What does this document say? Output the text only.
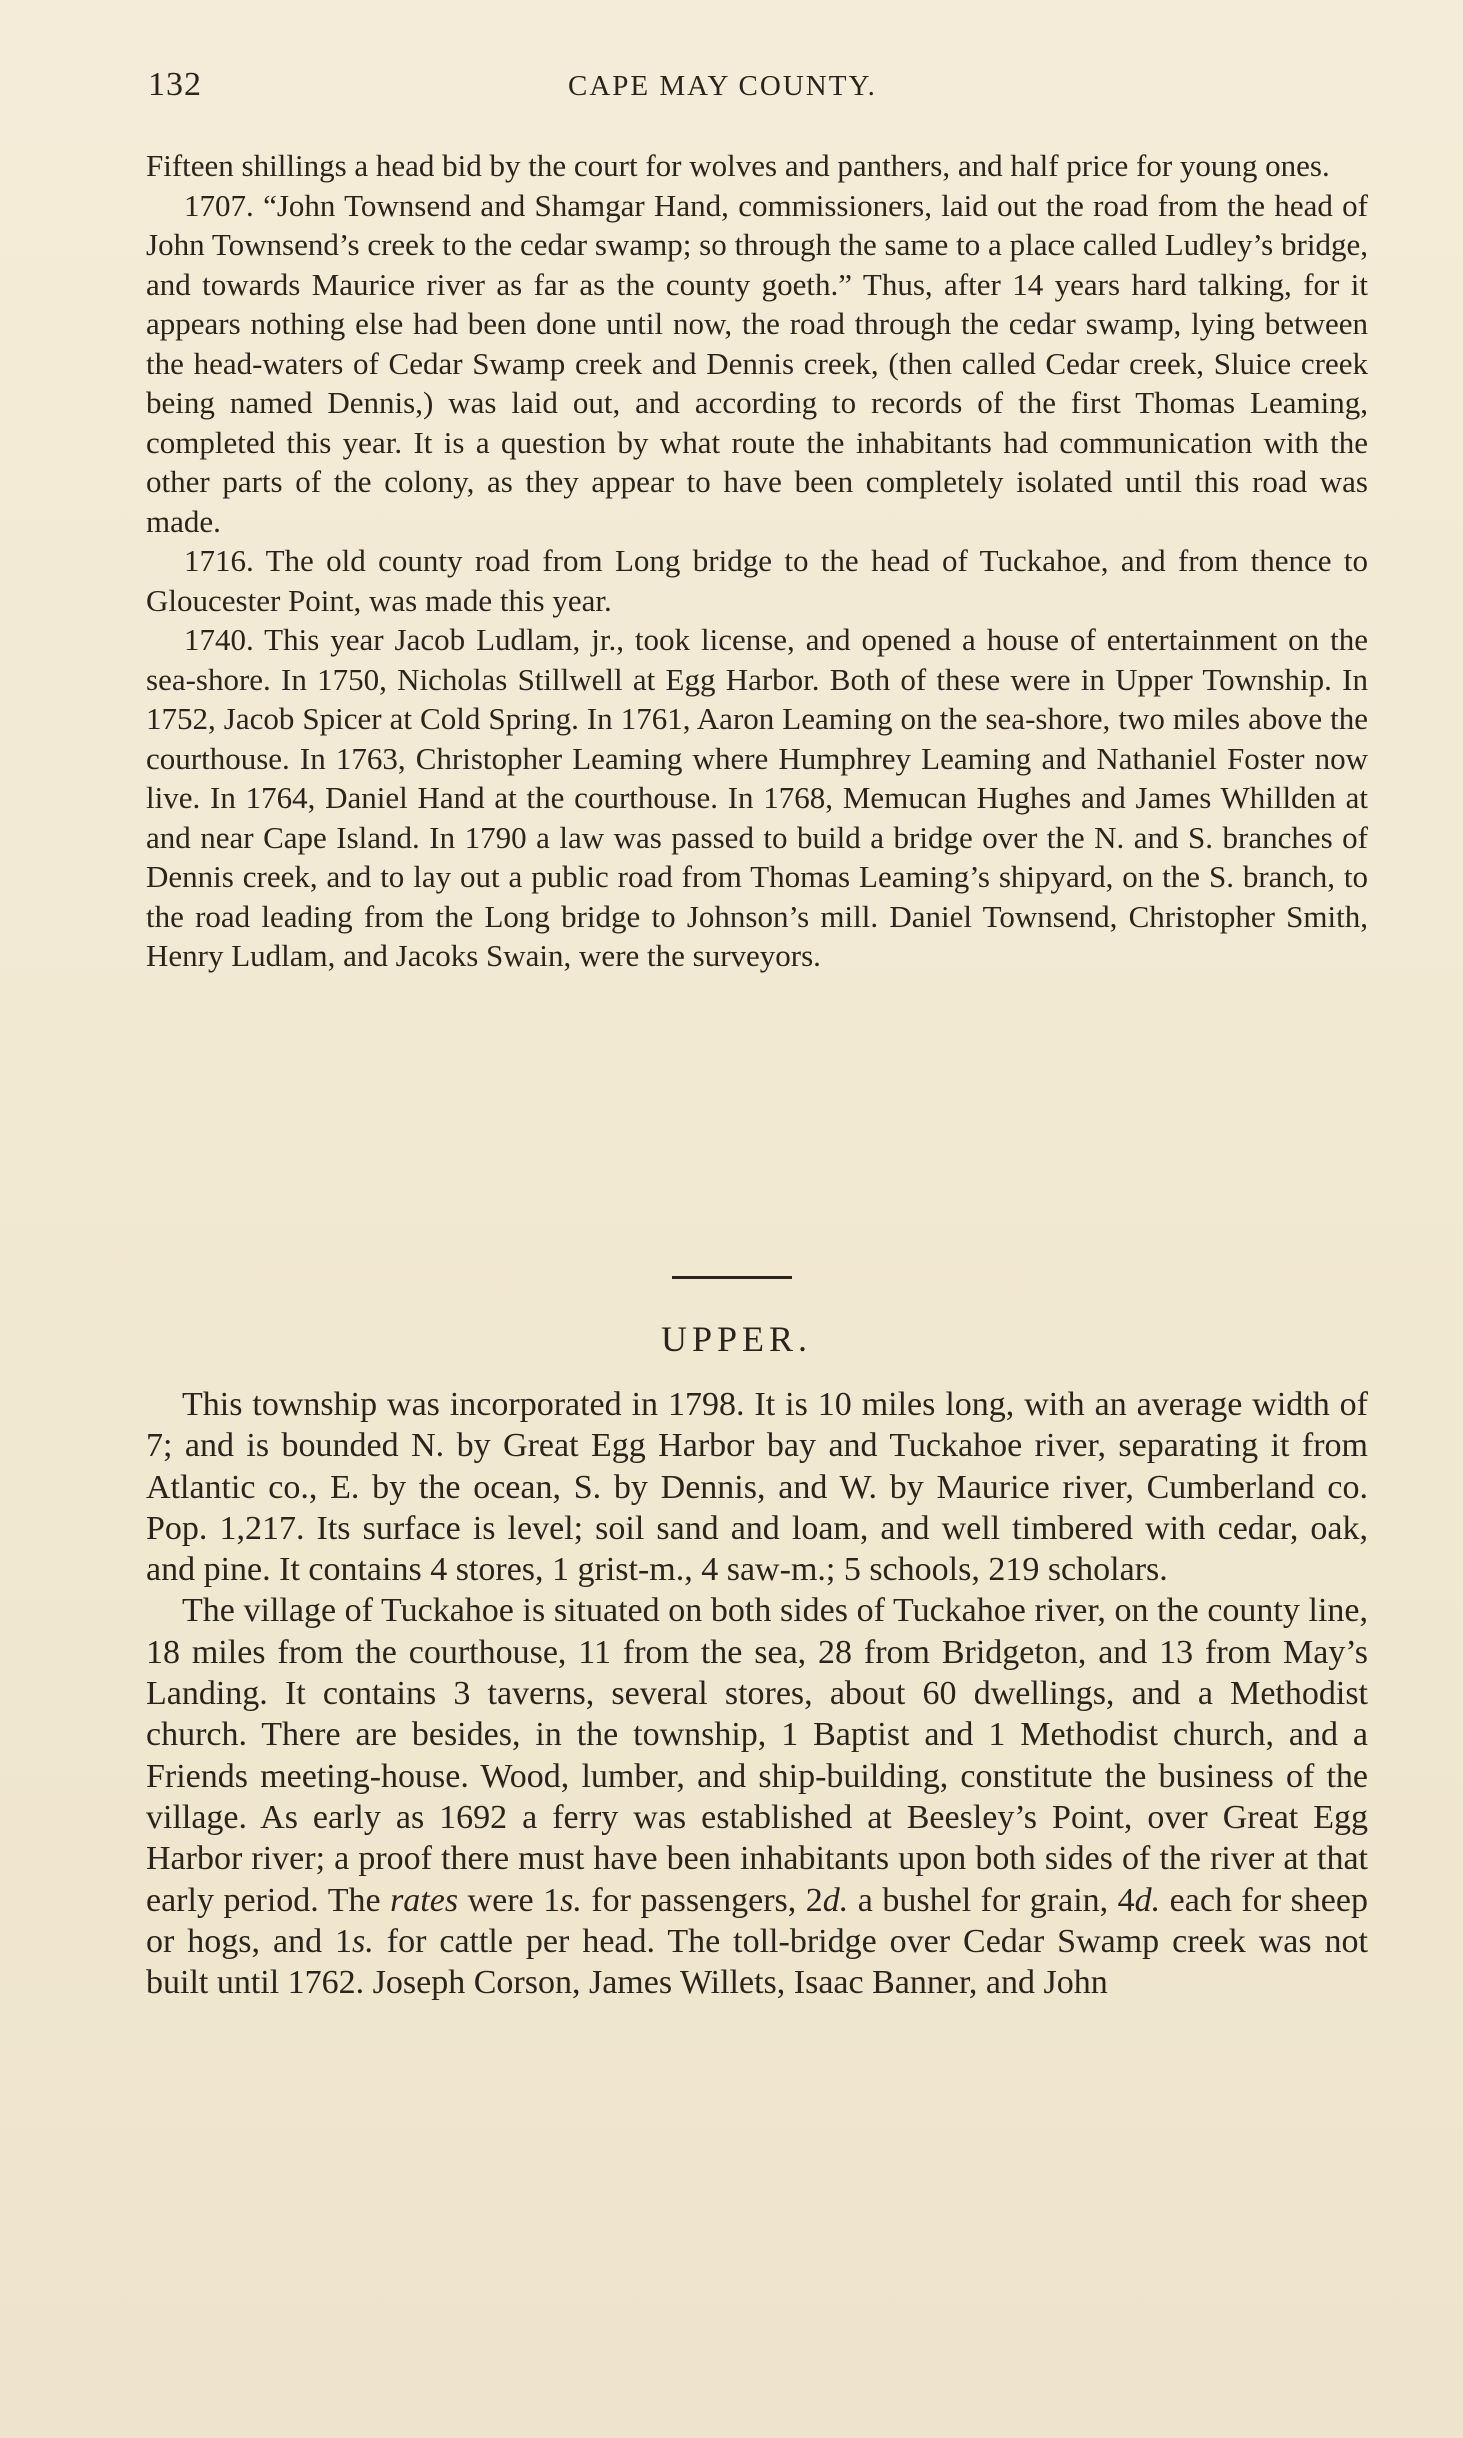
132	CAPE MAY COUNTY.

Fifteen shillings a head bid by the court for wolves and panthers, and half price for young ones.

1707. “John Townsend and Shamgar Hand, commissioners, laid out the road from the head of John Townsend’s creek to the cedar swamp; so through the same to a place called Ludley’s bridge, and towards Maurice river as far as the county goeth.” Thus, after 14 years hard talking, for it appears nothing else had been done until now, the road through the cedar swamp, lying between the head-waters of Cedar Swamp creek and Dennis creek, (then called Cedar creek, Sluice creek being named Dennis,) was laid out, and according to records of the first Thomas Leaming, completed this year. It is a question by what route the inhabitants had communication with the other parts of the colony, as they appear to have been completely isolated until this road was made.

1716. The old county road from Long bridge to the head of Tuckahoe, and from thence to Gloucester Point, was made this year.

1740. This year Jacob Ludlam, jr., took license, and opened a house of entertainment on the sea-shore. In 1750, Nicholas Stillwell at Egg Harbor. Both of these were in Upper Township. In 1752, Jacob Spicer at Cold Spring. In 1761, Aaron Leaming on the sea-shore, two miles above the courthouse. In 1763, Christopher Leaming where Humphrey Leaming and Nathaniel Foster now live. In 1764, Daniel Hand at the courthouse. In 1768, Memucan Hughes and James Whillden at and near Cape Island. In 1790 a law was passed to build a bridge over the N. and S. branches of Dennis creek, and to lay out a public road from Thomas Leaming’s shipyard, on the S. branch, to the road leading from the Long bridge to Johnson’s mill. Daniel Townsend, Christopher Smith, Henry Ludlam, and Jacoks Swain, were the surveyors.

UPPER.

This township was incorporated in 1798. It is 10 miles long, with an average width of 7; and is bounded N. by Great Egg Harbor bay and Tuckahoe river, separating it from Atlantic co., E. by the ocean, S. by Dennis, and W. by Maurice river, Cumberland co. Pop. 1,217. Its surface is level; soil sand and loam, and well timbered with cedar, oak, and pine. It contains 4 stores, 1 grist-m., 4 saw-m.; 5 schools, 219 scholars.

The village of Tuckahoe is situated on both sides of Tuckahoe river, on the county line, 18 miles from the courthouse, 11 from the sea, 28 from Bridgeton, and 13 from May’s Landing. It contains 3 taverns, several stores, about 60 dwellings, and a Methodist church. There are besides, in the township, 1 Baptist and 1 Methodist church, and a Friends meeting-house. Wood, lumber, and ship-building, constitute the business of the village. As early as 1692 a ferry was established at Beesley’s Point, over Great Egg Harbor river; a proof there must have been inhabitants upon both sides of the river at that early period. The rates were 1s. for passengers, 2d. a bushel for grain, 4d. each for sheep or hogs, and 1s. for cattle per head. The toll-bridge over Cedar Swamp creek was not built until 1762. Joseph Corson, James Willets, Isaac Banner, and John
